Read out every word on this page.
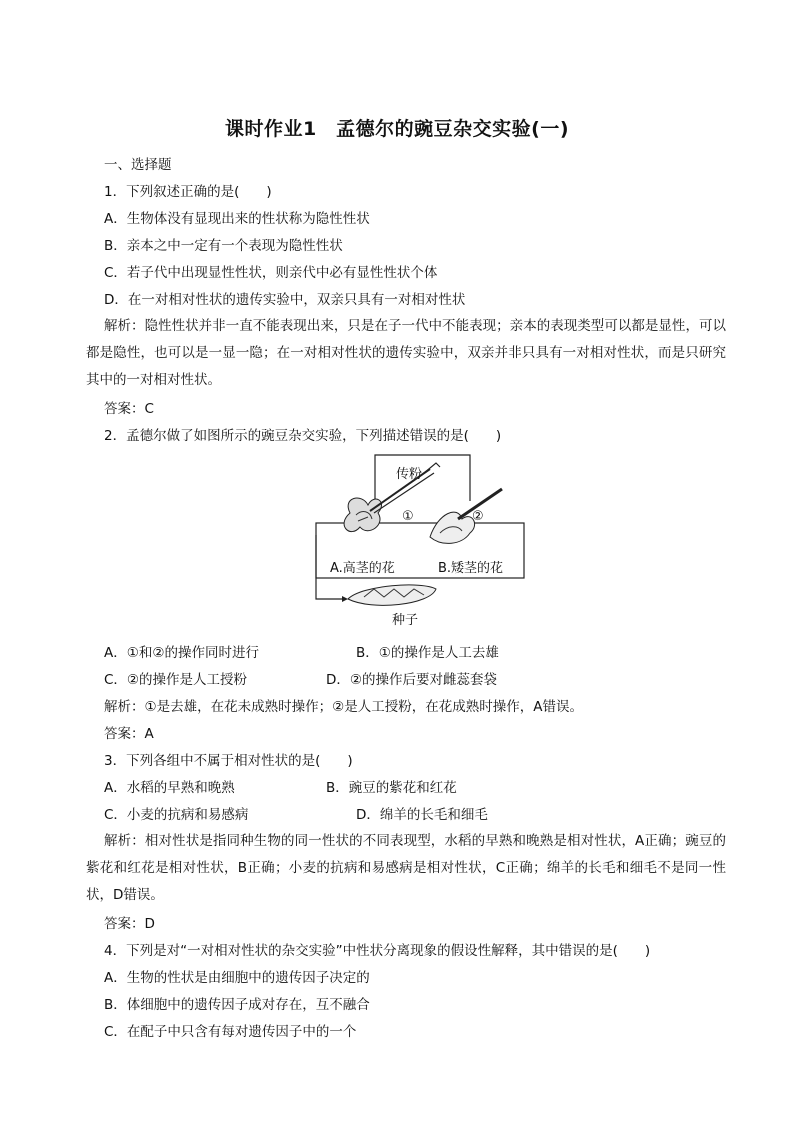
课时作业1　孟德尔的豌豆杂交实验(一)
一、选择题
1．下列叙述正确的是(　　)
A．生物体没有显现出来的性状称为隐性性状
B．亲本之中一定有一个表现为隐性性状
C．若子代中出现显性性状，则亲代中必有显性性状个体
D．在一对相对性状的遗传实验中，双亲只具有一对相对性状
解析：隐性性状并非一直不能表现出来，只是在子一代中不能表现；亲本的表现类型可以都是显性，可以都是隐性，也可以是一显一隐；在一对相对性状的遗传实验中，双亲并非只具有一对相对性状，而是只研究其中的一对相对性状。
答案：C
2．孟德尔做了如图所示的豌豆杂交实验，下列描述错误的是(　　)
传粉
①	②
A.高茎的花	B.矮茎的花
种子
A．①和②的操作同时进行	B．①的操作是人工去雄
C．②的操作是人工授粉	D．②的操作后要对雌蕊套袋
解析：①是去雄，在花未成熟时操作；②是人工授粉，在花成熟时操作，A错误。
答案：A
3．下列各组中不属于相对性状的是(　　)
A．水稻的早熟和晚熟	B．豌豆的紫花和红花
C．小麦的抗病和易感病	D．绵羊的长毛和细毛
解析：相对性状是指同种生物的同一性状的不同表现型，水稻的早熟和晚熟是相对性状，A正确；豌豆的紫花和红花是相对性状，B正确；小麦的抗病和易感病是相对性状，C正确；绵羊的长毛和细毛不是同一性状，D错误。
答案：D
4．下列是对“一对相对性状的杂交实验”中性状分离现象的假设性解释，其中错误的是(　　)
A．生物的性状是由细胞中的遗传因子决定的
B．体细胞中的遗传因子成对存在，互不融合
C．在配子中只含有每对遗传因子中的一个
